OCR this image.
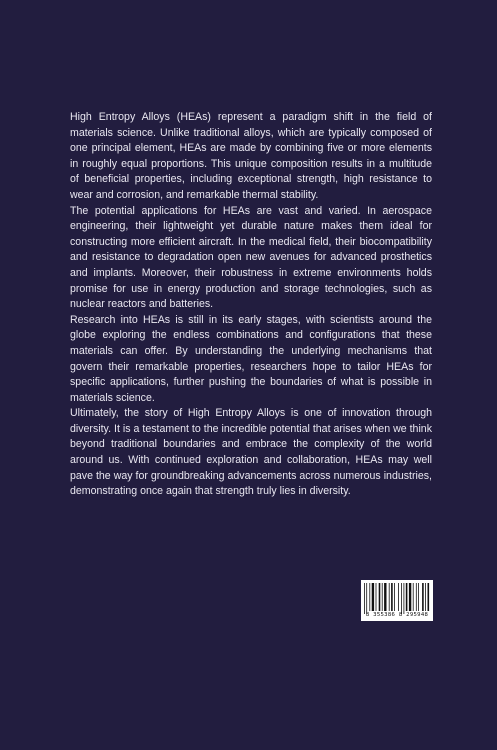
High Entropy Alloys (HEAs) represent a paradigm shift in the field of materials science. Unlike traditional alloys, which are typically composed of one principal element, HEAs are made by combining five or more elements in roughly equal proportions. This unique composition results in a multitude of beneficial properties, including exceptional strength, high resistance to wear and corrosion, and remarkable thermal stability.

The potential applications for HEAs are vast and varied. In aerospace engineering, their lightweight yet durable nature makes them ideal for constructing more efficient aircraft. In the medical field, their biocompatibility and resistance to degradation open new avenues for advanced prosthetics and implants. Moreover, their robustness in extreme environments holds promise for use in energy production and storage technologies, such as nuclear reactors and batteries.

Research into HEAs is still in its early stages, with scientists around the globe exploring the endless combinations and configurations that these materials can offer. By understanding the underlying mechanisms that govern their remarkable properties, researchers hope to tailor HEAs for specific applications, further pushing the boundaries of what is possible in materials science.

Ultimately, the story of High Entropy Alloys is one of innovation through diversity. It is a testament to the incredible potential that arises when we think beyond traditional boundaries and embrace the complexity of the world around us. With continued exploration and collaboration, HEAs may well pave the way for groundbreaking advancements across numerous industries, demonstrating once again that strength truly lies in diversity.

8 355386 8 295948
